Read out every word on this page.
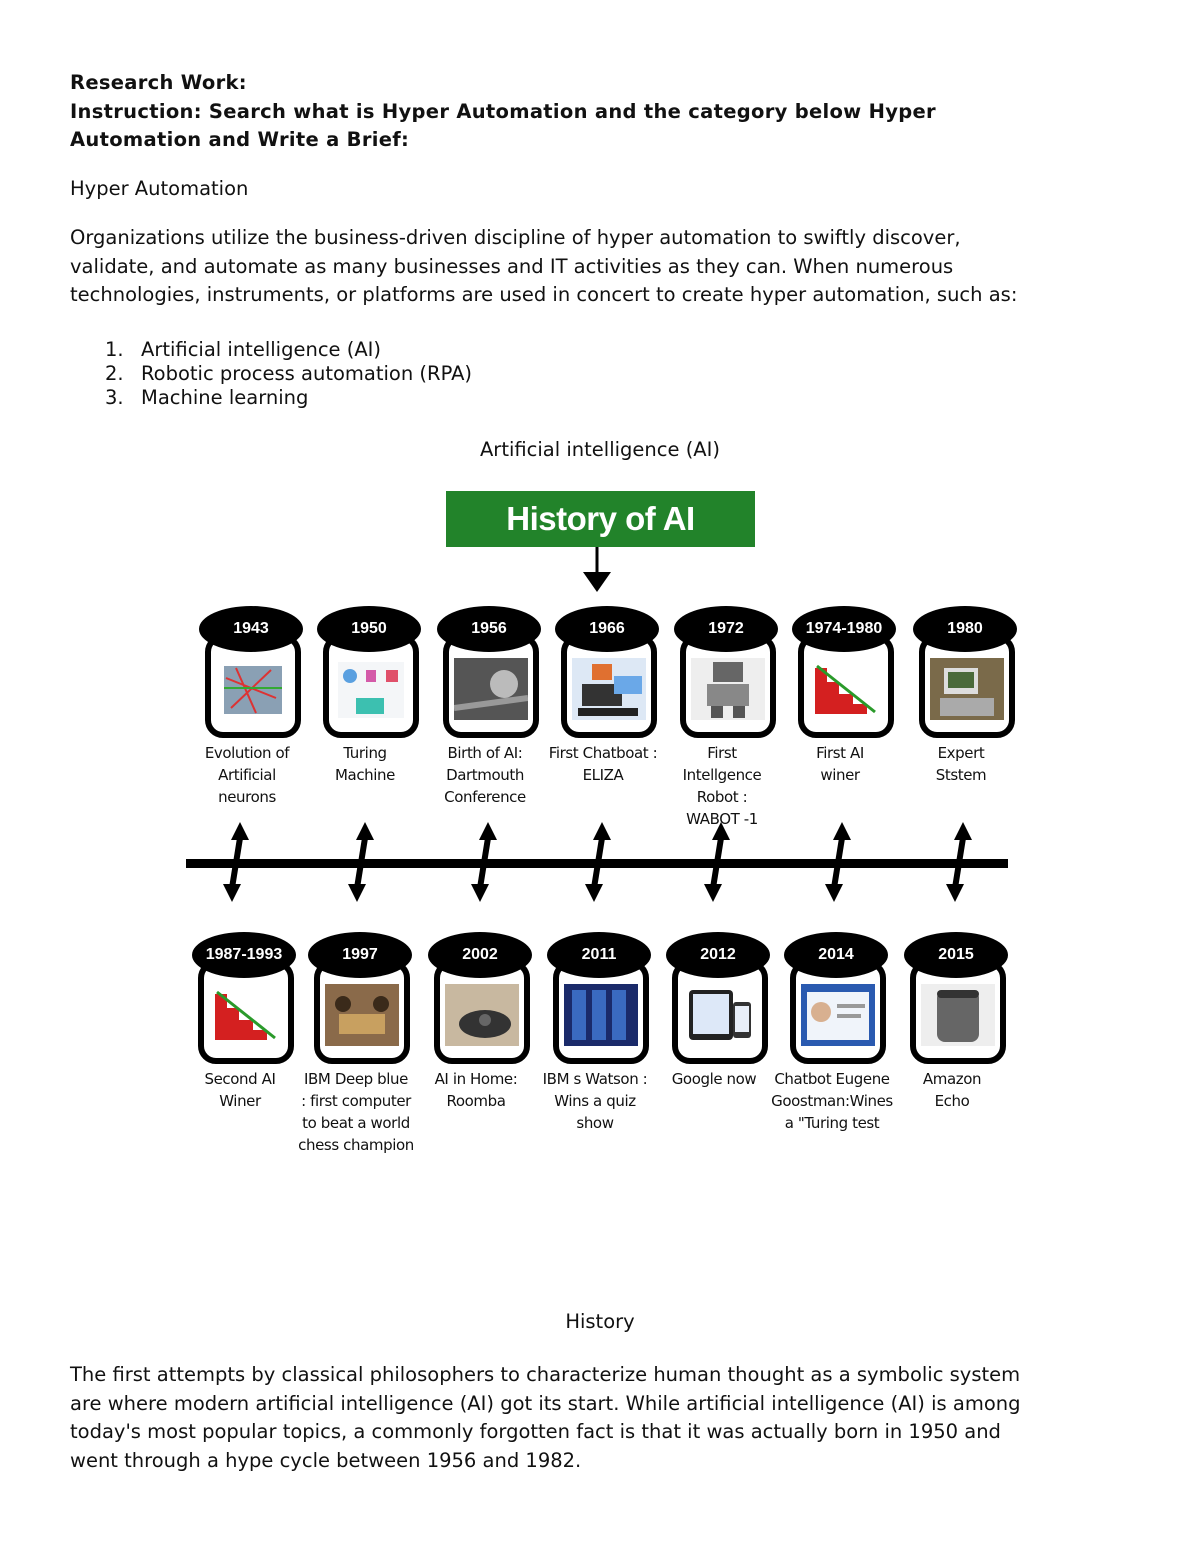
Research Work:
Instruction: Search what is Hyper Automation and the category below Hyper
Automation and Write a Brief:
Hyper Automation
Organizations utilize the business-driven discipline of hyper automation to swiftly discover,
validate, and automate as many businesses and IT activities as they can. When numerous
technologies, instruments, or platforms are used in concert to create hyper automation, such as:
1. Artificial intelligence (AI)
2. Robotic process automation (RPA)
3. Machine learning
Artificial intelligence (AI)
History of AI
1943
Evolution of
Artificial
neurons
1950
Turing
Machine
1956
Birth of AI:
Dartmouth
Conference
1966
First Chatboat :
ELIZA
1972
First
Intellgence
Robot :
WABOT -1
1974-1980
First AI
winer
1980
Expert
Ststem
1987-1993
Second AI
Winer
1997
IBM Deep blue
: first computer
to beat a world
chess champion
2002
AI in Home:
Roomba
2011
IBM s Watson :
Wins a quiz
show
2012
Google now
2014
Chatbot Eugene
Goostman:Wines
a "Turing test
2015
Amazon
Echo
History
The first attempts by classical philosophers to characterize human thought as a symbolic system
are where modern artificial intelligence (AI) got its start. While artificial intelligence (AI) is among
today's most popular topics, a commonly forgotten fact is that it was actually born in 1950 and
went through a hype cycle between 1956 and 1982.
